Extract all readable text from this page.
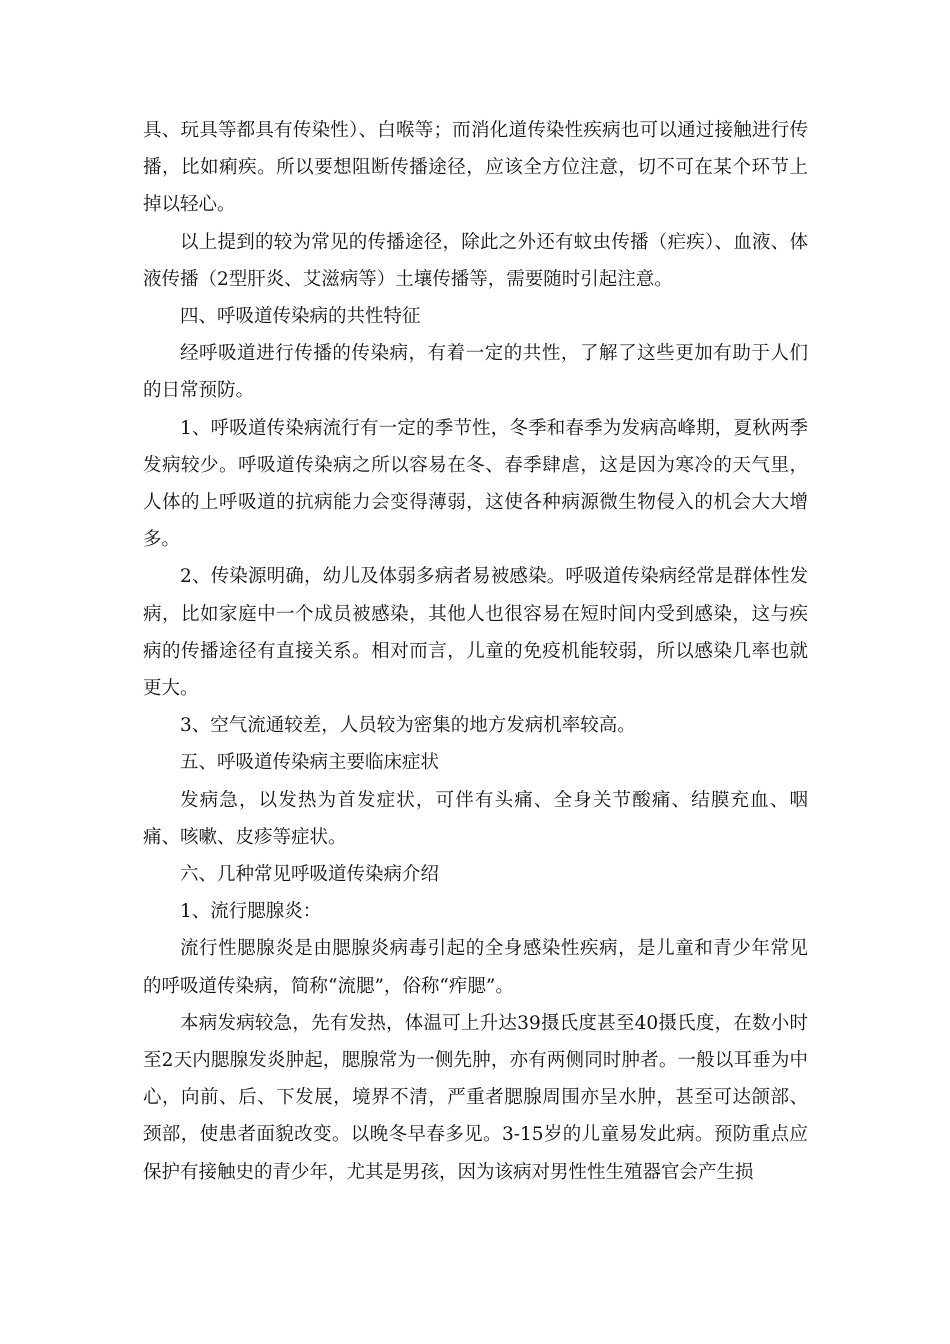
具、玩具等都具有传染性）、白喉等；而消化道传染性疾病也可以通过接触进行传播，比如痢疾。所以要想阻断传播途径，应该全方位注意，切不可在某个环节上掉以轻心。

以上提到的较为常见的传播途径，除此之外还有蚊虫传播（疟疾）、血液、体液传播（2型肝炎、艾滋病等）土壤传播等，需要随时引起注意。

四、呼吸道传染病的共性特征

经呼吸道进行传播的传染病，有着一定的共性，了解了这些更加有助于人们的日常预防。

1、呼吸道传染病流行有一定的季节性，冬季和春季为发病高峰期，夏秋两季发病较少。呼吸道传染病之所以容易在冬、春季肆虐，这是因为寒冷的天气里，人体的上呼吸道的抗病能力会变得薄弱，这使各种病源微生物侵入的机会大大增多。

2、传染源明确，幼儿及体弱多病者易被感染。呼吸道传染病经常是群体性发病，比如家庭中一个成员被感染，其他人也很容易在短时间内受到感染，这与疾病的传播途径有直接关系。相对而言，儿童的免疫机能较弱，所以感染几率也就更大。

3、空气流通较差，人员较为密集的地方发病机率较高。

五、呼吸道传染病主要临床症状

发病急，以发热为首发症状，可伴有头痛、全身关节酸痛、结膜充血、咽痛、咳嗽、皮疹等症状。

六、几种常见呼吸道传染病介绍

1、流行腮腺炎：

流行性腮腺炎是由腮腺炎病毒引起的全身感染性疾病，是儿童和青少年常见的呼吸道传染病，简称“流腮”，俗称“痄腮”。

本病发病较急，先有发热，体温可上升达39摄氏度甚至40摄氏度，在数小时至2天内腮腺发炎肿起，腮腺常为一侧先肿，亦有两侧同时肿者。一般以耳垂为中心，向前、后、下发展，境界不清，严重者腮腺周围亦呈水肿，甚至可达颌部、颈部，使患者面貌改变。以晚冬早春多见。3-15岁的儿童易发此病。预防重点应保护有接触史的青少年，尤其是男孩，因为该病对男性性生殖器官会产生损
